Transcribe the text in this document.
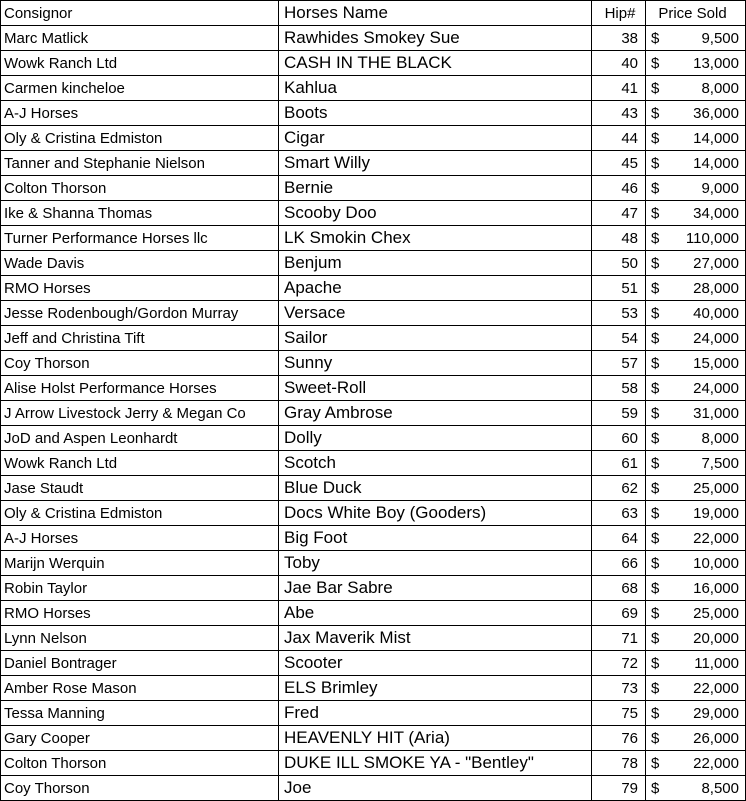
Consignor	Horses Name	Hip#	Price Sold
Marc Matlick	Rawhides Smokey Sue	38	$ 9,500

Wowk Ranch Ltd	CASH IN THE BLACK	40	$ 13,000

Carmen kincheloe	Kahlua	41	$ 8,000

A-J Horses	Boots	43	$ 36,000

Oly & Cristina Edmiston	Cigar	44	$ 14,000

Tanner and Stephanie Nielson	Smart Willy	45	$ 14,000

Colton Thorson	Bernie	46	$ 9,000

Ike & Shanna Thomas	Scooby Doo	47	$ 34,000

Turner Performance Horses llc	LK Smokin Chex	48	$ 110,000

Wade Davis	Benjum	50	$ 27,000

RMO Horses	Apache	51	$ 28,000

Jesse Rodenbough/Gordon Murray	Versace	53	$ 40,000

Jeff and Christina Tift	Sailor	54	$ 24,000

Coy Thorson	Sunny	57	$ 15,000

Alise Holst Performance Horses	Sweet-Roll	58	$ 24,000

J Arrow Livestock Jerry & Megan Co	Gray Ambrose	59	$ 31,000

JoD and Aspen Leonhardt	Dolly	60	$ 8,000

Wowk Ranch Ltd	Scotch	61	$ 7,500

Jase Staudt	Blue Duck	62	$ 25,000

Oly & Cristina Edmiston	Docs White Boy (Gooders)	63	$ 19,000

A-J Horses	Big Foot	64	$ 22,000

Marijn Werquin	Toby	66	$ 10,000

Robin Taylor	Jae Bar Sabre	68	$ 16,000

RMO Horses	Abe	69	$ 25,000

Lynn Nelson	Jax Maverik Mist	71	$ 20,000

Daniel Bontrager	Scooter	72	$ 11,000

Amber Rose Mason	ELS Brimley	73	$ 22,000

Tessa Manning	Fred	75	$ 29,000

Gary Cooper	HEAVENLY HIT (Aria)	76	$ 26,000

Colton Thorson	DUKE ILL SMOKE YA - "Bentley"	78	$ 22,000

Coy Thorson	Joe	79	$ 8,500
